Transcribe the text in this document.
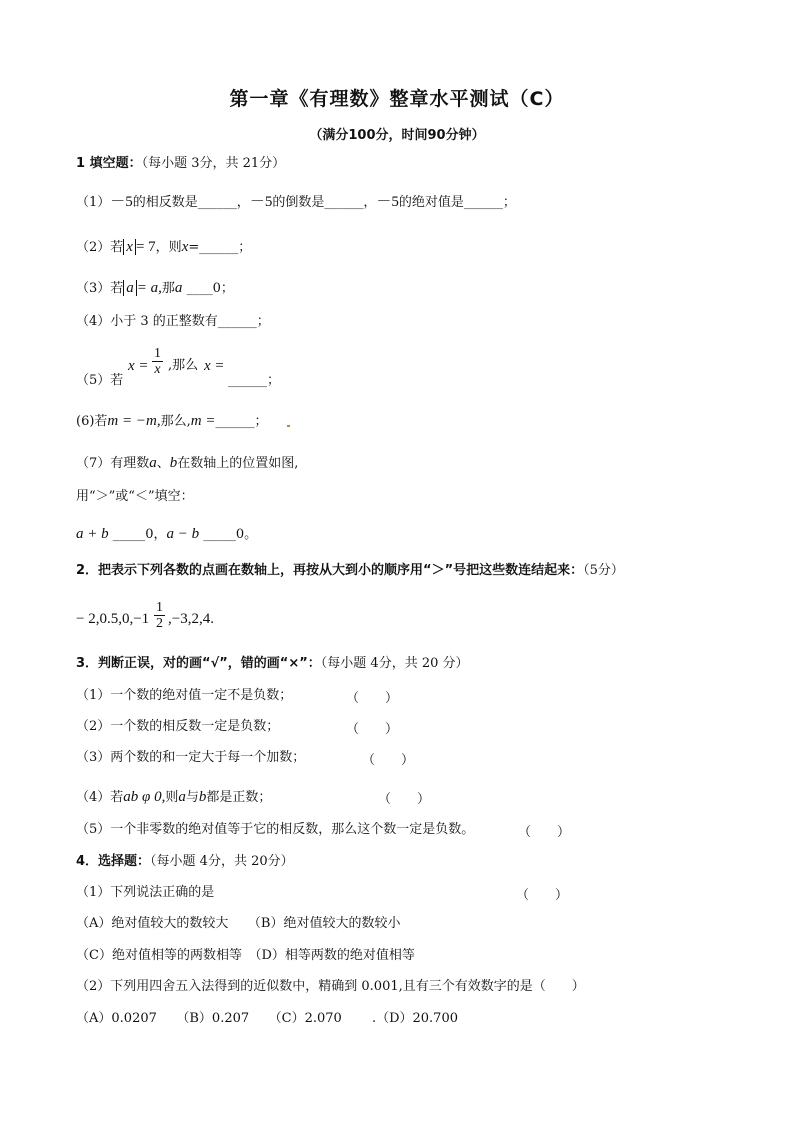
第一章《有理数》整章水平测试（C）
（满分100分，时间90分钟）
1 填空题：（每小题 3分，共 21分）
（1）－5的相反数是______，－5的倒数是______，－5的绝对值是______；
（2）若 x = 7，则x=______；
（3）若 a = a,那a ____0；
（4）小于 3 的正整数有______；
（5）若
$x = \frac{1}{x}$ ,那么 x =
______；
(6)若m = −m,那么,m =______；
（7）有理数a、b在数轴上的位置如图,
用“＞”或“＜”填空：
a + b _____0，a − b _____0。
2．把表示下列各数的点画在数轴上，再按从大到小的顺序用“＞”号把这些数连结起来：（5分）
− $2,0.5,0,-1 \frac{1}{2} ,-3,2,4$.
3．判断正误，对的画“√”，错的画“×”：（每小题 4分，共 20 分）
（1）一个数的绝对值一定不是负数；	（　　）
（2）一个数的相反数一定是负数；	（　　）
（3）两个数的和一定大于每一个加数；	（　　）
（4）若ab φ 0,则a与b都是正数；	（　　）
（5）一个非零数的绝对值等于它的相反数，那么这个数一定是负数。	（　　）
4．选择题：（每小题 4分，共 20分）
（1）下列说法正确的是	（　　）
（A）绝对值较大的数较大　　（B）绝对值较大的数较小
（C）绝对值相等的两数相等　（D）相等两数的绝对值相等
（2）下列用四舍五入法得到的近似数中，精确到 0.001,且有三个有效数字的是（　　）
（A）0.0207　　（B）0.207　　（C）2.070　　 .（D）20.700
